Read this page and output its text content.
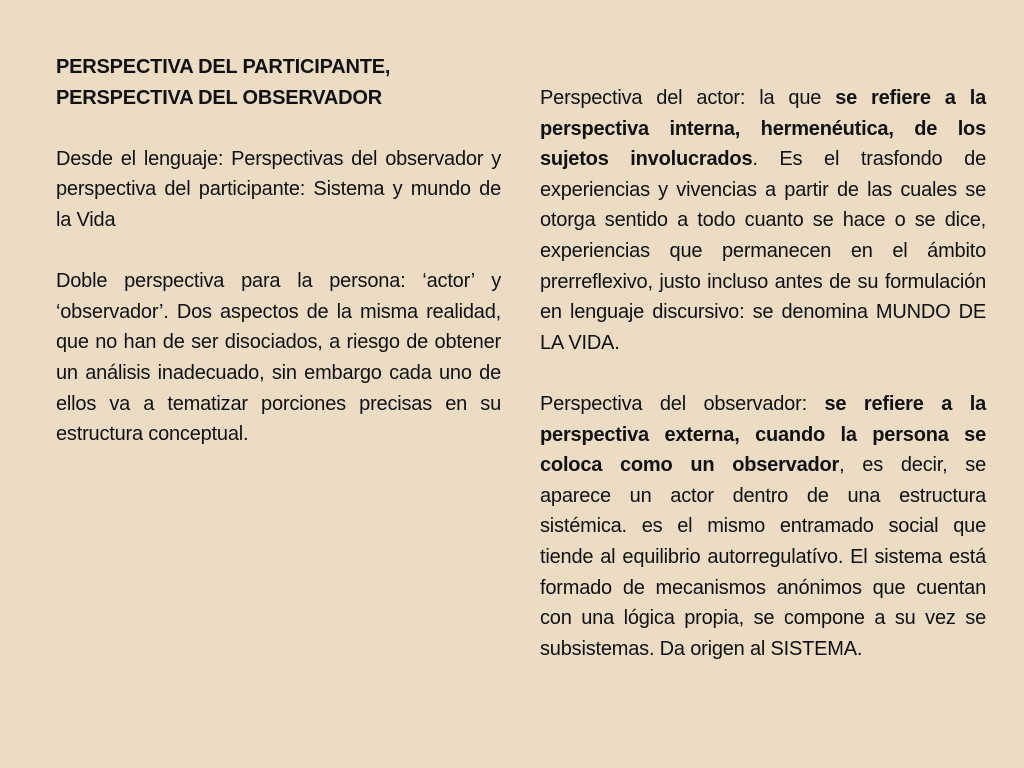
PERSPECTIVA DEL PARTICIPANTE,
PERSPECTIVA DEL OBSERVADOR

Desde el lenguaje: Perspectivas del observador y perspectiva del participante: Sistema y mundo de la Vida

Doble perspectiva para la persona: ‘actor’ y ‘observador’. Dos aspectos de la misma realidad, que no han de ser disociados, a riesgo de obtener un análisis inadecuado, sin embargo cada uno de ellos va a tematizar porciones precisas en su estructura conceptual.

Perspectiva del actor: la que se refiere a la perspectiva interna, hermenéutica, de los sujetos involucrados. Es el trasfondo de experiencias y vivencias a partir de las cuales se otorga sentido a todo cuanto se hace o se dice, experiencias que permanecen en el ámbito prerreflexivo, justo incluso antes de su formulación en lenguaje discursivo: se denomina MUNDO DE LA VIDA.

Perspectiva del observador: se refiere a la perspectiva externa, cuando la persona se coloca como un observador, es decir, se aparece un actor dentro de una estructura sistémica. es el mismo entramado social que tiende al equilibrio autorregulatívo. El sistema está formado de mecanismos anónimos que cuentan con una lógica propia, se compone a su vez se subsistemas. Da origen al SISTEMA.
